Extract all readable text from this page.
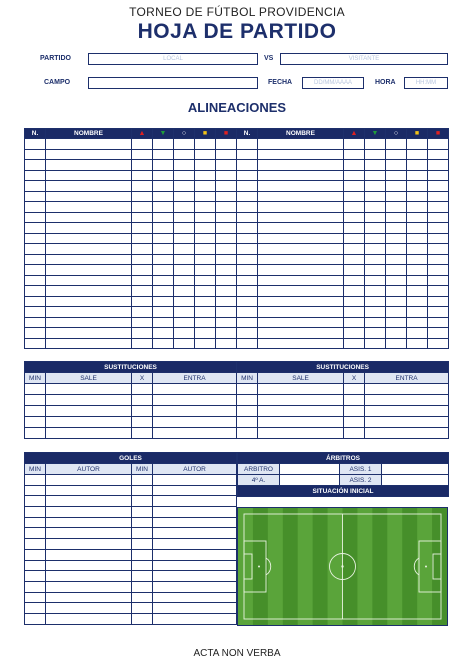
TORNEO DE FÚTBOL PROVIDENCIA
HOJA DE PARTIDO
PARTIDO	LOCAL	VS	VISITANTE
CAMPO	FECHA	DD/MM/AAAA	HORA	HH:MM
ALINEACIONES
N.	NOMBRE	▲	▼	○	■	■	N.	NOMBRE	▲	▼	○	■	■

SUSTITUCIONES				SUSTITUCIONES			
MIN	SALE	X	ENTRA	MIN	SALE	X	ENTRA

GOLES			
MIN	AUTOR	MIN	AUTOR

ÁRBITROS			
ARBITRO		ASIS. 1	
4º A.		ASIS. 2	
SITUACIÓN INICIAL			
ACTA NON VERBA
